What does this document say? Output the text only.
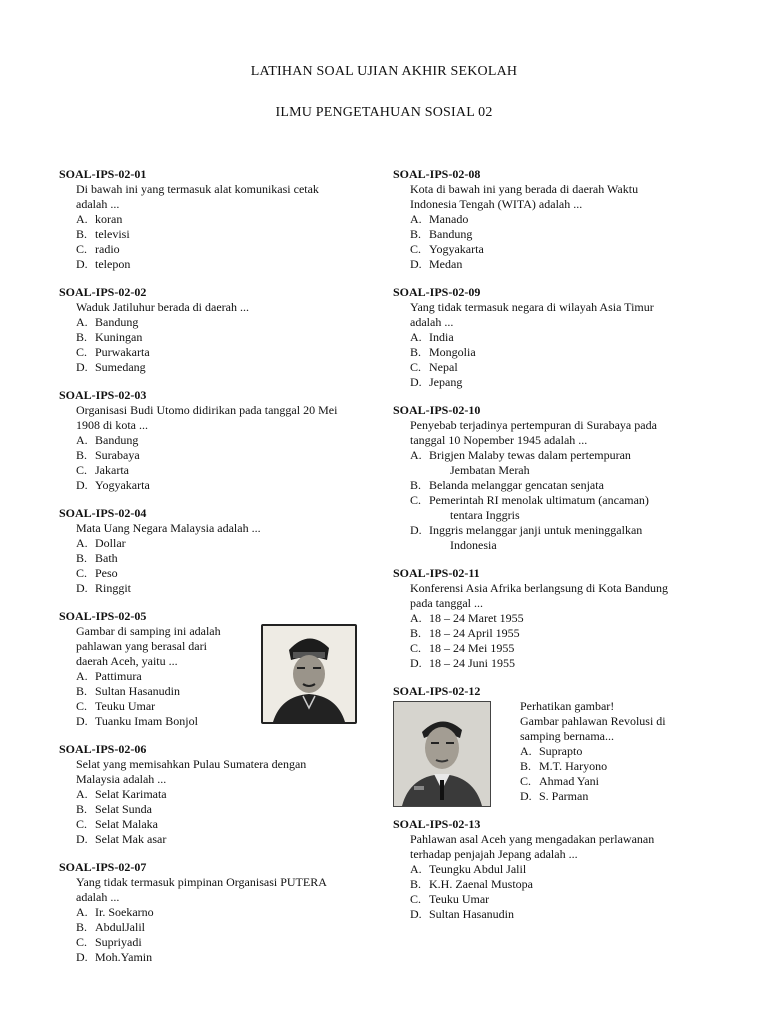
LATIHAN SOAL UJIAN AKHIR SEKOLAH
ILMU PENGETAHUAN SOSIAL 02
SOAL-IPS-02-01
Di bawah ini yang termasuk alat komunikasi cetak
adalah ...
A. koran
B. televisi
C. radio
D. telepon
SOAL-IPS-02-02
Waduk Jatiluhur berada di daerah ...
A. Bandung
B. Kuningan
C. Purwakarta
D. Sumedang
SOAL-IPS-02-03
Organisasi Budi Utomo didirikan pada tanggal 20 Mei
1908 di kota ...
A. Bandung
B. Surabaya
C. Jakarta
D. Yogyakarta
SOAL-IPS-02-04
Mata Uang Negara Malaysia adalah ...
A. Dollar
B. Bath
C. Peso
D. Ringgit
SOAL-IPS-02-05
Gambar di samping ini adalah
pahlawan yang berasal dari
daerah Aceh, yaitu ...
A. Pattimura
B. Sultan Hasanudin
C. Teuku Umar
D. Tuanku Imam Bonjol
SOAL-IPS-02-06
Selat yang memisahkan Pulau Sumatera dengan
Malaysia adalah ...
A. Selat Karimata
B. Selat Sunda
C. Selat Malaka
D. Selat Mak asar
SOAL-IPS-02-07
Yang tidak termasuk pimpinan Organisasi PUTERA
adalah ...
A. Ir. Soekarno
B. AbdulJalil
C. Supriyadi
D. Moh.Yamin
SOAL-IPS-02-08
Kota di bawah ini yang berada di daerah Waktu
Indonesia Tengah (WITA) adalah ...
A. Manado
B. Bandung
C. Yogyakarta
D. Medan
SOAL-IPS-02-09
Yang tidak termasuk negara di wilayah Asia Timur
adalah ...
A. India
B. Mongolia
C. Nepal
D. Jepang
SOAL-IPS-02-10
Penyebab terjadinya pertempuran di Surabaya pada
tanggal 10 Nopember 1945 adalah ...
A. Brigjen Malaby tewas dalam pertempuran
Jembatan Merah
B. Belanda melanggar gencatan senjata
C. Pemerintah RI menolak ultimatum (ancaman)
tentara Inggris
D. Inggris melanggar janji untuk meninggalkan
Indonesia
SOAL-IPS-02-11
Konferensi Asia Afrika berlangsung di Kota Bandung
pada tanggal ...
A. 18 – 24 Maret 1955
B. 18 – 24 April 1955
C. 18 – 24 Mei 1955
D. 18 – 24 Juni 1955
SOAL-IPS-02-12
Perhatikan gambar!
Gambar pahlawan Revolusi di
samping bernama...
A. Suprapto
B. M.T. Haryono
C. Ahmad Yani
D. S. Parman
SOAL-IPS-02-13
Pahlawan asal Aceh yang mengadakan perlawanan
terhadap penjajah Jepang adalah ...
A. Teungku Abdul Jalil
B. K.H. Zaenal Mustopa
C. Teuku Umar
D. Sultan Hasanudin
